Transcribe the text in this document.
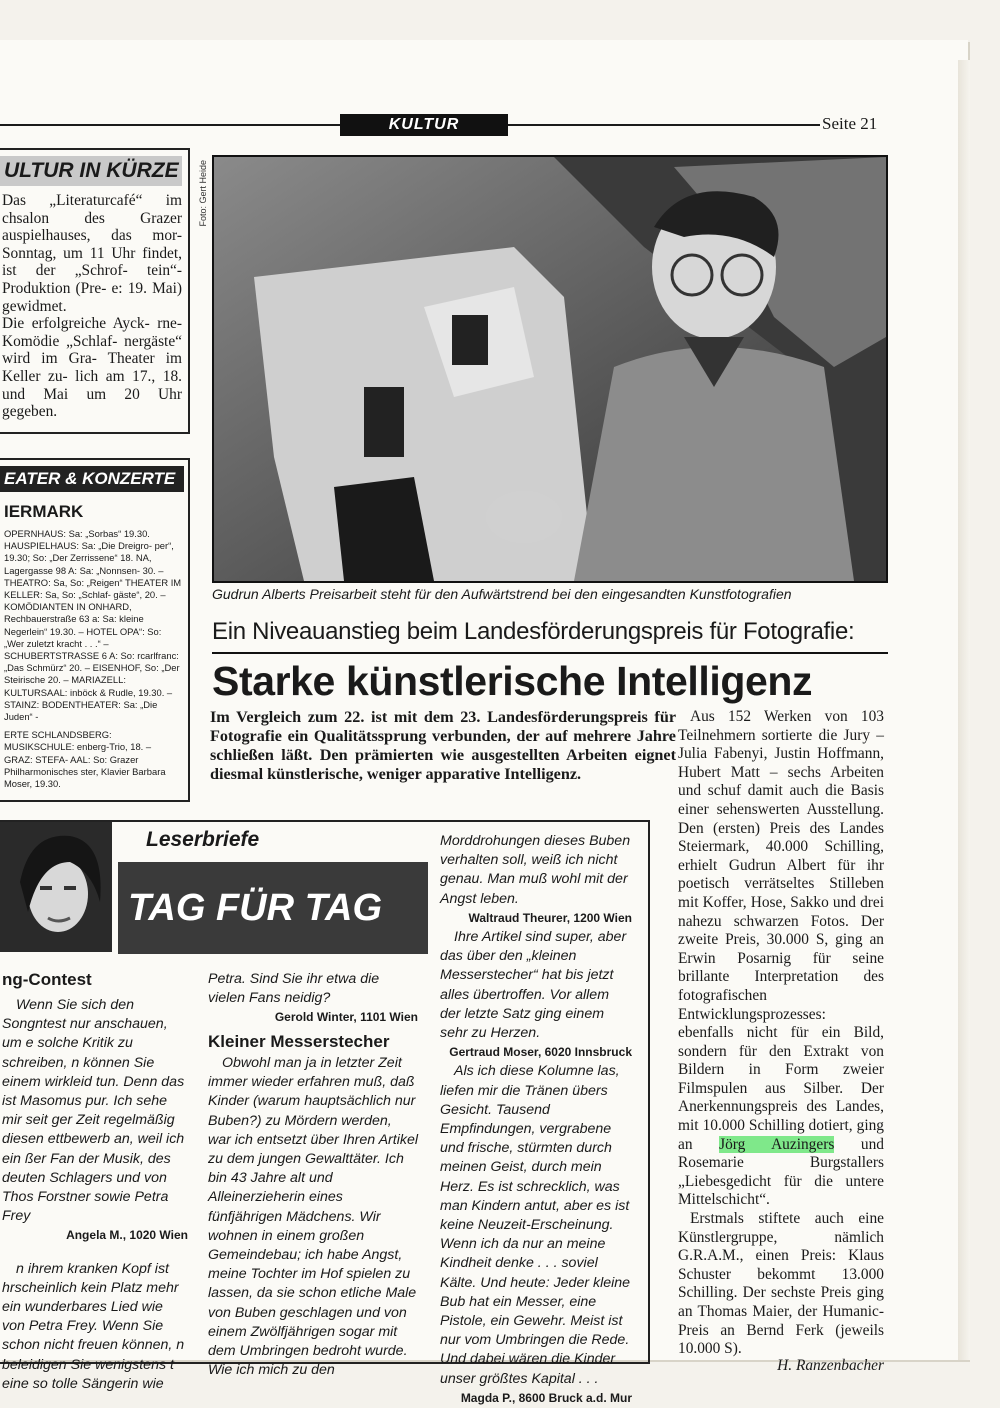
KULTUR	Seite 21
ULTUR IN KÜRZE

Das „Literaturcafé“ im chsalon des Grazer auspielhauses, das mor- Sonntag, um 11 Uhr findet, ist der „Schrof- tein“-Produktion (Pre- e: 19. Mai) gewidmet.

Die erfolgreiche Ayck- rne-Komödie „Schlaf- nergäste“ wird im Gra- Theater im Keller zu- lich am 17., 18. und Mai um 20 Uhr gegeben.

EATER & KONZERTE
IERMARK

OPERNHAUS: Sa: „Sorbas“ 19.30. HAUSPIELHAUS: Sa: „Die Dreigro- per“, 19.30; So: „Der Zerrissene“ 18. NA, Lagergasse 98 A: Sa: „Nonnsen- 30. – THEATRO: Sa, So: „Reigen“ THEATER IM KELLER: Sa, So: „Schlaf- gäste“, 20. – KOMÖDIANTEN IN ONHARD, Rechbauerstraße 63 a: Sa: kleine Negerlein“ 19.30. – HOTEL OPA“: So: „Wer zuletzt kracht . . .“ – SCHUBERTSTRASSE 6 A: So: rcarlfranc: „Das Schmürz“ 20. – EISENHOF, So: „Der Steirische 20. – MARIAZELL: KULTURSAAL: inböck & Rudle, 19.30. – STAINZ: BODENTHEATER: Sa: „Die Juden“ -

ERTE SCHLANDSBERG: MUSIKSCHULE: enberg-Trio, 18. – GRAZ: STEFA- AAL: So: Grazer Philharmonisches ster, Klavier Barbara Moser, 19.30.

Foto: Gert Heide
Gudrun Alberts Preisarbeit steht für den Aufwärtstrend bei den eingesandten Kunstfotografien
Ein Niveauanstieg beim Landesförderungspreis für Fotografie:
Starke künstlerische Intelligenz
Im Vergleich zum 22. ist mit dem 23. Landesförderungspreis für Fotografie ein Qualitätssprung verbunden, der auf mehrere Jahre schließen läßt. Den prämierten wie ausgestellten Arbeiten eignet diesmal künstlerische, weniger apparative Intelligenz.

Aus 152 Werken von 103 Teilnehmern sortierte die Jury – Julia Fabenyi, Justin Hoffmann, Hubert Matt – sechs Arbeiten und schuf damit auch die Basis einer sehenswerten Ausstellung. Den (ersten) Preis des Landes Steiermark, 40.000 Schilling, erhielt Gudrun Albert für ihr poetisch verrätseltes Stilleben mit Koffer, Hose, Sakko und drei nahezu schwarzen Fotos. Der zweite Preis, 30.000 S, ging an Erwin Posarnig für seine brillante Interpretation des fotografischen Entwicklungsprozesses: ebenfalls nicht für ein Bild, sondern für den Extrakt von Bildern in Form zweier Filmspulen aus Silber. Der Anerkennungspreis des Landes, mit 10.000 Schilling dotiert, ging an Jörg Auzingers und Rosemarie Burgstallers „Liebesgedicht für die untere Mittelschicht“.

Erstmals stiftete auch eine Künstlergruppe, nämlich G.R.A.M., einen Preis: Klaus Schuster bekommt 13.000 Schilling. Der sechste Preis ging an Thomas Maier, der Humanic-Preis an Bernd Ferk (jeweils 10.000 S).

H. Ranzenbacher

Leserbriefe
TAG FÜR TAG
ng-Contest

Wenn Sie sich den Songntest nur anschauen, um e solche Kritik zu schreiben, n können Sie einem wirkleid tun. Denn das ist Masomus pur. Ich sehe mir seit ger Zeit regelmäßig diesen ettbewerb an, weil ich ein ßer Fan der Musik, des deuten Schlagers und von Thos Forstner sowie Petra Frey

Angela M., 1020 Wien

n ihrem kranken Kopf ist hrscheinlich kein Platz mehr ein wunderbares Lied wie von Petra Frey. Wenn Sie schon nicht freuen können, n beleidigen Sie wenigstens t eine so tolle Sängerin wie

Petra. Sind Sie ihr etwa die vielen Fans neidig?

Gerold Winter, 1101 Wien
Kleiner Messerstecher

Obwohl man ja in letzter Zeit immer wieder erfahren muß, daß Kinder (warum hauptsächlich nur Buben?) zu Mördern werden, war ich entsetzt über Ihren Artikel zu dem jungen Gewalttäter. Ich bin 43 Jahre alt und Alleinerzieherin eines fünfjährigen Mädchens. Wir wohnen in einem großen Gemeindebau; ich habe Angst, meine Tochter im Hof spielen zu lassen, da sie schon etliche Male von Buben geschlagen und von einem Zwölfjährigen sogar mit dem Umbringen bedroht wurde. Wie ich mich zu den

Morddrohungen dieses Buben verhalten soll, weiß ich nicht genau. Man muß wohl mit der Angst leben.

Waltraud Theurer, 1200 Wien

Ihre Artikel sind super, aber das über den „kleinen Messerstecher“ hat bis jetzt alles übertroffen. Vor allem der letzte Satz ging einem sehr zu Herzen.

Gertraud Moser, 6020 Innsbruck

Als ich diese Kolumne las, liefen mir die Tränen übers Gesicht. Tausend Empfindungen, vergrabene und frische, stürmten durch meinen Geist, durch mein Herz. Es ist schrecklich, was man Kindern antut, aber es ist keine Neuzeit-Erscheinung. Wenn ich da nur an meine Kindheit denke . . . soviel Kälte. Und heute: Jeder kleine Bub hat ein Messer, eine Pistole, ein Gewehr. Meist ist nur vom Umbringen die Rede. Und dabei wären die Kinder unser größtes Kapital . . .

Magda P., 8600 Bruck a.d. Mur
